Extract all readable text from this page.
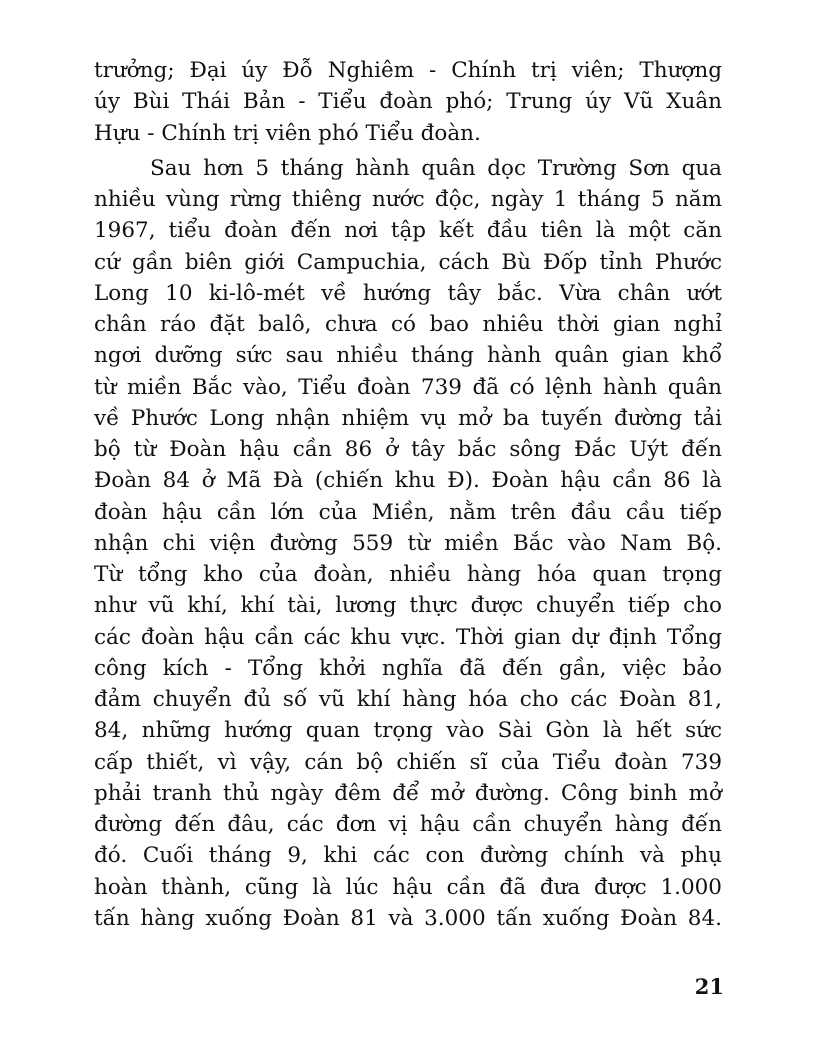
trưởng; Đại úy Đỗ Nghiêm - Chính trị viên; Thượng
úy Bùi Thái Bản - Tiểu đoàn phó; Trung úy Vũ Xuân
Hựu - Chính trị viên phó Tiểu đoàn.
Sau hơn 5 tháng hành quân dọc Trường Sơn qua
nhiều vùng rừng thiêng nước độc, ngày 1 tháng 5 năm
1967, tiểu đoàn đến nơi tập kết đầu tiên là một căn
cứ gần biên giới Campuchia, cách Bù Đốp tỉnh Phước
Long 10 ki-lô-mét về hướng tây bắc. Vừa chân ướt
chân ráo đặt balô, chưa có bao nhiêu thời gian nghỉ
ngơi dưỡng sức sau nhiều tháng hành quân gian khổ
từ miền Bắc vào, Tiểu đoàn 739 đã có lệnh hành quân
về Phước Long nhận nhiệm vụ mở ba tuyến đường tải
bộ từ Đoàn hậu cần 86 ở tây bắc sông Đắc Uýt đến
Đoàn 84 ở Mã Đà (chiến khu Đ). Đoàn hậu cần 86 là
đoàn hậu cần lớn của Miền, nằm trên đầu cầu tiếp
nhận chi viện đường 559 từ miền Bắc vào Nam Bộ.
Từ tổng kho của đoàn, nhiều hàng hóa quan trọng
như vũ khí, khí tài, lương thực được chuyển tiếp cho
các đoàn hậu cần các khu vực. Thời gian dự định Tổng
công kích - Tổng khởi nghĩa đã đến gần, việc bảo
đảm chuyển đủ số vũ khí hàng hóa cho các Đoàn 81,
84, những hướng quan trọng vào Sài Gòn là hết sức
cấp thiết, vì vậy, cán bộ chiến sĩ của Tiểu đoàn 739
phải tranh thủ ngày đêm để mở đường. Công binh mở
đường đến đâu, các đơn vị hậu cần chuyển hàng đến
đó. Cuối tháng 9, khi các con đường chính và phụ
hoàn thành, cũng là lúc hậu cần đã đưa được 1.000
tấn hàng xuống Đoàn 81 và 3.000 tấn xuống Đoàn 84.
21
